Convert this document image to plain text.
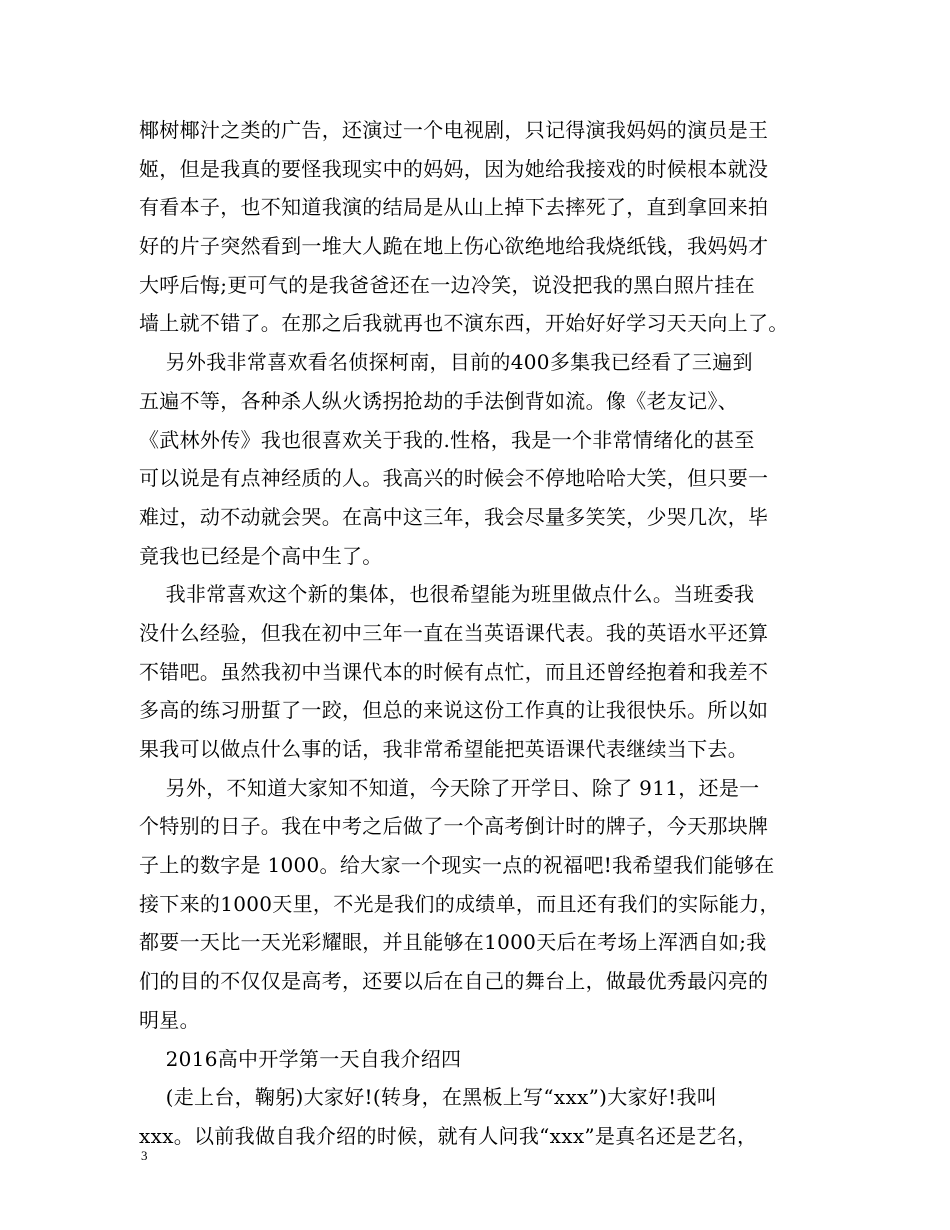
椰树椰汁之类的广告，还演过一个电视剧，只记得演我妈妈的演员是王
姬，但是我真的要怪我现实中的妈妈，因为她给我接戏的时候根本就没
有看本子，也不知道我演的结局是从山上掉下去摔死了，直到拿回来拍
好的片子突然看到一堆大人跪在地上伤心欲绝地给我烧纸钱，我妈妈才
大呼后悔;更可气的是我爸爸还在一边冷笑，说没把我的黑白照片挂在
墙上就不错了。在那之后我就再也不演东西，开始好好学习天天向上了。
另外我非常喜欢看名侦探柯南，目前的400多集我已经看了三遍到
五遍不等，各种杀人纵火诱拐抢劫的手法倒背如流。像《老友记》、
《武林外传》我也很喜欢关于我的.性格，我是一个非常情绪化的甚至
可以说是有点神经质的人。我高兴的时候会不停地哈哈大笑，但只要一
难过，动不动就会哭。在高中这三年，我会尽量多笑笑，少哭几次，毕
竟我也已经是个高中生了。
我非常喜欢这个新的集体，也很希望能为班里做点什么。当班委我
没什么经验，但我在初中三年一直在当英语课代表。我的英语水平还算
不错吧。虽然我初中当课代本的时候有点忙，而且还曾经抱着和我差不
多高的练习册蜇了一跤，但总的来说这份工作真的让我很快乐。所以如
果我可以做点什么事的话，我非常希望能把英语课代表继续当下去。
另外，不知道大家知不知道，今天除了开学日、除了 911，还是一
个特别的日子。我在中考之后做了一个高考倒计时的牌子，今天那块牌
子上的数字是 1000。给大家一个现实一点的祝福吧!我希望我们能够在
接下来的1000天里，不光是我们的成绩单，而且还有我们的实际能力，
都要一天比一天光彩耀眼，并且能够在1000天后在考场上浑洒自如;我
们的目的不仅仅是高考，还要以后在自己的舞台上，做最优秀最闪亮的
明星。
2016高中开学第一天自我介绍四
(走上台，鞠躬)大家好!(转身，在黑板上写“xxx”)大家好!我叫
xxx。以前我做自我介绍的时候，就有人问我“xxx”是真名还是艺名，
3
